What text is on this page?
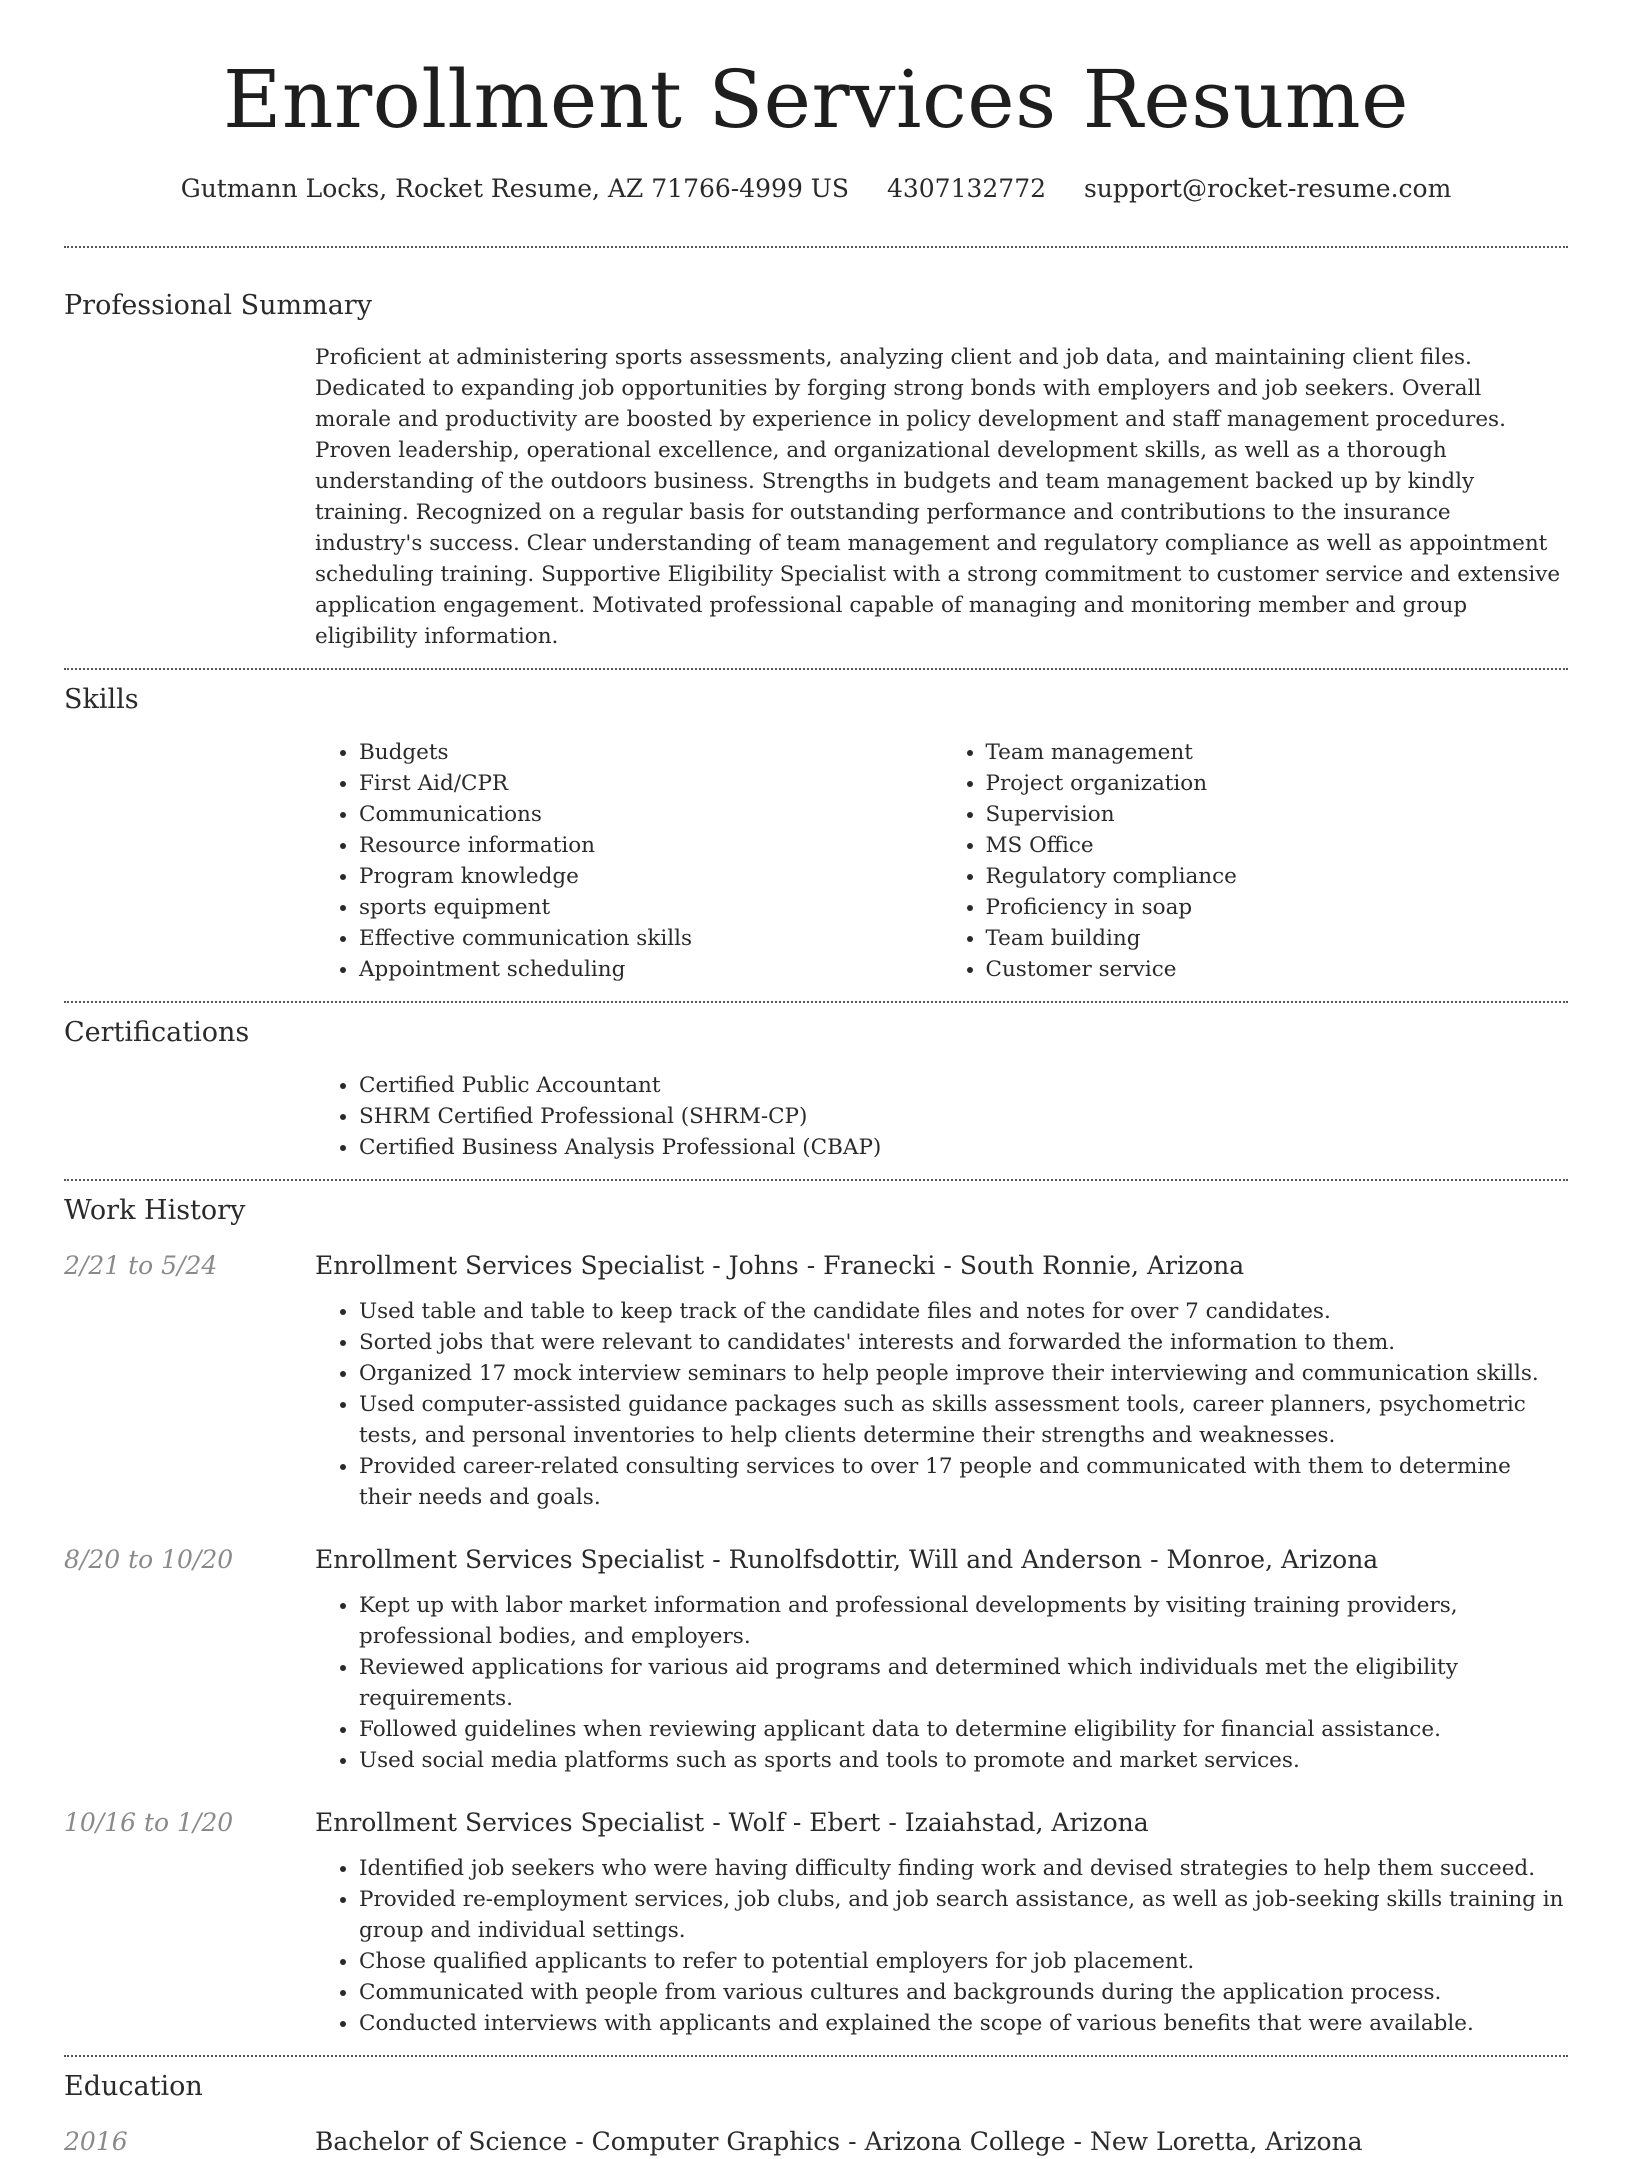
Enrollment Services Resume
Gutmann Locks, Rocket Resume, AZ 71766-4999 US 4307132772 support@rocket-resume.com
Professional Summary
Proficient at administering sports assessments, analyzing client and job data, and maintaining client files. Dedicated to expanding job opportunities by forging strong bonds with employers and job seekers. Overall morale and productivity are boosted by experience in policy development and staff management procedures. Proven leadership, operational excellence, and organizational development skills, as well as a thorough understanding of the outdoors business. Strengths in budgets and team management backed up by kindly training. Recognized on a regular basis for outstanding performance and contributions to the insurance industry's success. Clear understanding of team management and regulatory compliance as well as appointment scheduling training. Supportive Eligibility Specialist with a strong commitment to customer service and extensive application engagement. Motivated professional capable of managing and monitoring member and group eligibility information.
Skills
• Budgets
• First Aid/CPR
• Communications
• Resource information
• Program knowledge
• sports equipment
• Effective communication skills
• Appointment scheduling
• Team management
• Project organization
• Supervision
• MS Office
• Regulatory compliance
• Proficiency in soap
• Team building
• Customer service
Certifications
• Certified Public Accountant
• SHRM Certified Professional (SHRM-CP)
• Certified Business Analysis Professional (CBAP)
Work History
2/21 to 5/24	Enrollment Services Specialist - Johns - Franecki - South Ronnie, Arizona
• Used table and table to keep track of the candidate files and notes for over 7 candidates.
• Sorted jobs that were relevant to candidates' interests and forwarded the information to them.
• Organized 17 mock interview seminars to help people improve their interviewing and communication skills.
• Used computer-assisted guidance packages such as skills assessment tools, career planners, psychometric tests, and personal inventories to help clients determine their strengths and weaknesses.
• Provided career-related consulting services to over 17 people and communicated with them to determine their needs and goals.
8/20 to 10/20	Enrollment Services Specialist - Runolfsdottir, Will and Anderson - Monroe, Arizona
• Kept up with labor market information and professional developments by visiting training providers, professional bodies, and employers.
• Reviewed applications for various aid programs and determined which individuals met the eligibility requirements.
• Followed guidelines when reviewing applicant data to determine eligibility for financial assistance.
• Used social media platforms such as sports and tools to promote and market services.
10/16 to 1/20	Enrollment Services Specialist - Wolf - Ebert - Izaiahstad, Arizona
• Identified job seekers who were having difficulty finding work and devised strategies to help them succeed.
• Provided re-employment services, job clubs, and job search assistance, as well as job-seeking skills training in group and individual settings.
• Chose qualified applicants to refer to potential employers for job placement.
• Communicated with people from various cultures and backgrounds during the application process.
• Conducted interviews with applicants and explained the scope of various benefits that were available.
Education
2016	Bachelor of Science - Computer Graphics - Arizona College - New Loretta, Arizona
